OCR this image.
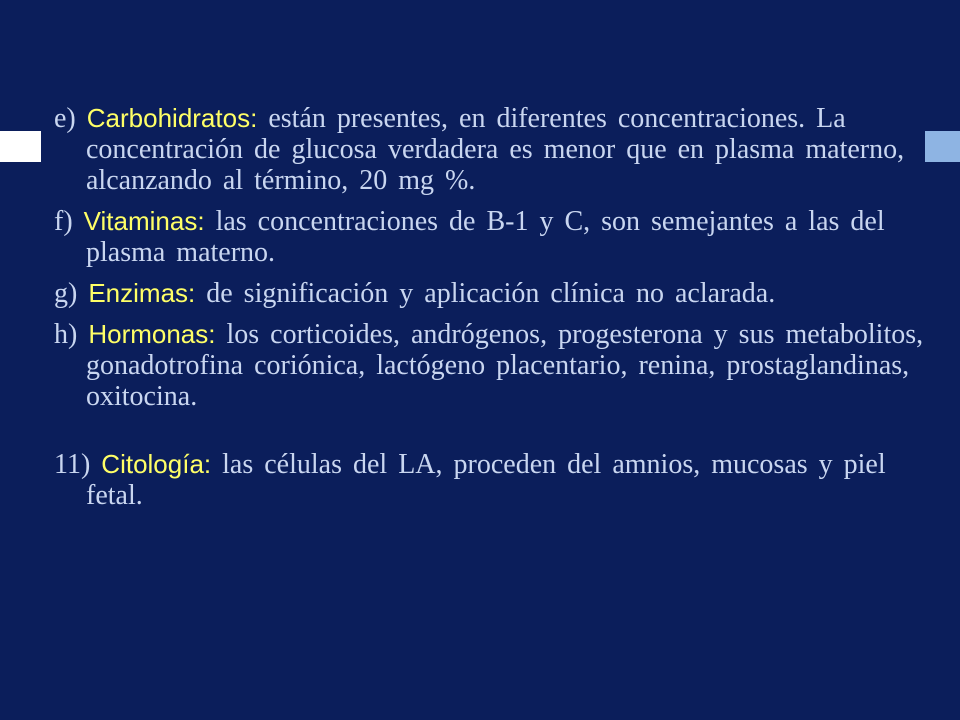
e) Carbohidratos: están presentes, en diferentes concentraciones. La concentración de glucosa verdadera es menor que en plasma materno, alcanzando al término, 20 mg %.

f) Vitaminas: las concentraciones de B-1 y C, son semejantes a las del plasma materno.

g) Enzimas: de significación y aplicación clínica no aclarada.

h) Hormonas: los corticoides, andrógenos, progesterona y sus metabolitos, gonadotrofina coriónica, lactógeno placentario, renina, prostaglandinas, oxitocina.

11) Citología: las células del LA, proceden del amnios, mucosas y piel fetal.
